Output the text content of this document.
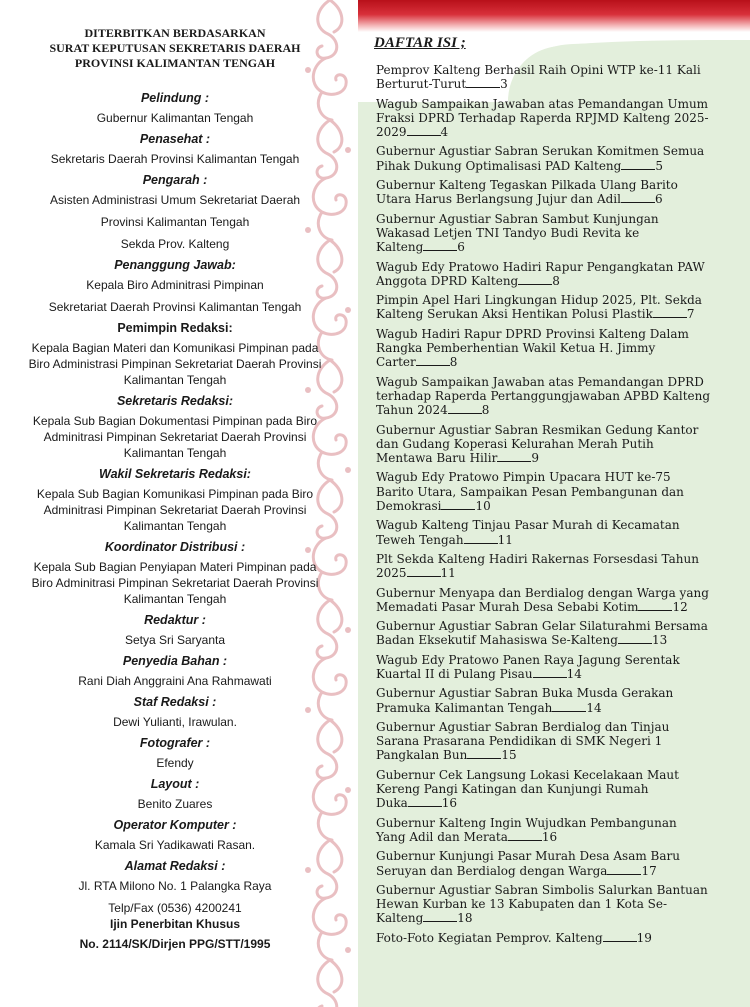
DITERBITKAN BERDASARKAN
SURAT KEPUTUSAN SEKRETARIS DAERAH
PROVINSI KALIMANTAN TENGAH
Pelindung :
Gubernur Kalimantan Tengah
Penasehat :
Sekretaris Daerah Provinsi Kalimantan Tengah
Pengarah :
Asisten Administrasi Umum Sekretariat Daerah
Provinsi Kalimantan Tengah
Sekda Prov. Kalteng
Penanggung Jawab:
Kepala Biro Adminitrasi Pimpinan
Sekretariat Daerah Provinsi Kalimantan Tengah
Pemimpin Redaksi:
Kepala Bagian Materi dan Komunikasi Pimpinan pada Biro Administrasi Pimpinan Sekretariat Daerah Provinsi Kalimantan Tengah
Sekretaris Redaksi:
Kepala Sub Bagian Dokumentasi Pimpinan pada Biro Adminitrasi Pimpinan Sekretariat Daerah Provinsi Kalimantan Tengah
Wakil Sekretaris Redaksi:
Kepala Sub Bagian Komunikasi Pimpinan pada Biro Adminitrasi Pimpinan Sekretariat Daerah Provinsi Kalimantan Tengah
Koordinator Distribusi :
Kepala Sub Bagian Penyiapan Materi Pimpinan pada Biro Adminitrasi Pimpinan Sekretariat Daerah Provinsi Kalimantan Tengah
Redaktur :
Setya Sri Saryanta
Penyedia Bahan :
Rani Diah Anggraini Ana Rahmawati
Staf Redaksi :
Dewi Yulianti, Irawulan.
Fotografer :
Efendy
Layout :
Benito Zuares
Operator Komputer :
Kamala Sri Yadikawati Rasan.
Alamat Redaksi :
Jl. RTA Milono No. 1 Palangka Raya
Telp/Fax (0536) 4200241
Ijin Penerbitan Khusus
No. 2114/SK/Dirjen PPG/STT/1995
DAFTAR ISI ;
Pemprov Kalteng Berhasil Raih Opini WTP ke-11 Kali
Berturut-Turut	3
Wagub Sampaikan Jawaban atas Pemandangan Umum
Fraksi DPRD Terhadap Raperda RPJMD Kalteng 2025-
2029	4
Gubernur Agustiar Sabran Serukan Komitmen Semua
Pihak Dukung Optimalisasi PAD Kalteng	5
Gubernur Kalteng Tegaskan Pilkada Ulang Barito
Utara Harus Berlangsung Jujur dan Adil	6
Gubernur Agustiar Sabran Sambut Kunjungan
Wakasad Letjen TNI Tandyo Budi Revita ke
Kalteng	6
Wagub Edy Pratowo Hadiri Rapur Pengangkatan PAW
Anggota DPRD Kalteng	8
Pimpin Apel Hari Lingkungan Hidup 2025, Plt. Sekda
Kalteng Serukan Aksi Hentikan Polusi Plastik	7
Wagub Hadiri Rapur DPRD Provinsi Kalteng Dalam
Rangka Pemberhentian Wakil Ketua H. Jimmy
Carter	8
Wagub Sampaikan Jawaban atas Pemandangan DPRD
terhadap Raperda Pertanggungjawaban APBD Kalteng
Tahun 2024	8
Gubernur Agustiar Sabran Resmikan Gedung Kantor
dan Gudang Koperasi Kelurahan Merah Putih
Mentawa Baru Hilir	9
Wagub Edy Pratowo Pimpin Upacara HUT ke-75
Barito Utara, Sampaikan Pesan Pembangunan dan
Demokrasi	10
Wagub Kalteng Tinjau Pasar Murah di Kecamatan
Teweh Tengah	11
Plt Sekda Kalteng Hadiri Rakernas Forsesdasi Tahun
2025	11
Gubernur Menyapa dan Berdialog dengan Warga yang
Memadati Pasar Murah Desa Sebabi Kotim	12
Gubernur Agustiar Sabran Gelar Silaturahmi Bersama
Badan Eksekutif Mahasiswa Se-Kalteng	13
Wagub Edy Pratowo Panen Raya Jagung Serentak
Kuartal II di Pulang Pisau	14
Gubernur Agustiar Sabran Buka Musda Gerakan
Pramuka Kalimantan Tengah	14
Gubernur Agustiar Sabran Berdialog dan Tinjau
Sarana Prasarana Pendidikan di SMK Negeri 1
Pangkalan Bun	15
Gubernur Cek Langsung Lokasi Kecelakaan Maut
Kereng Pangi Katingan dan Kunjungi Rumah
Duka	16
Gubernur Kalteng Ingin Wujudkan Pembangunan
Yang Adil dan Merata	16
Gubernur Kunjungi Pasar Murah Desa Asam Baru
Seruyan dan Berdialog dengan Warga	17
Gubernur Agustiar Sabran Simbolis Salurkan Bantuan
Hewan Kurban ke 13 Kabupaten dan 1 Kota Se-
Kalteng	18
Foto-Foto Kegiatan Pemprov. Kalteng	19
